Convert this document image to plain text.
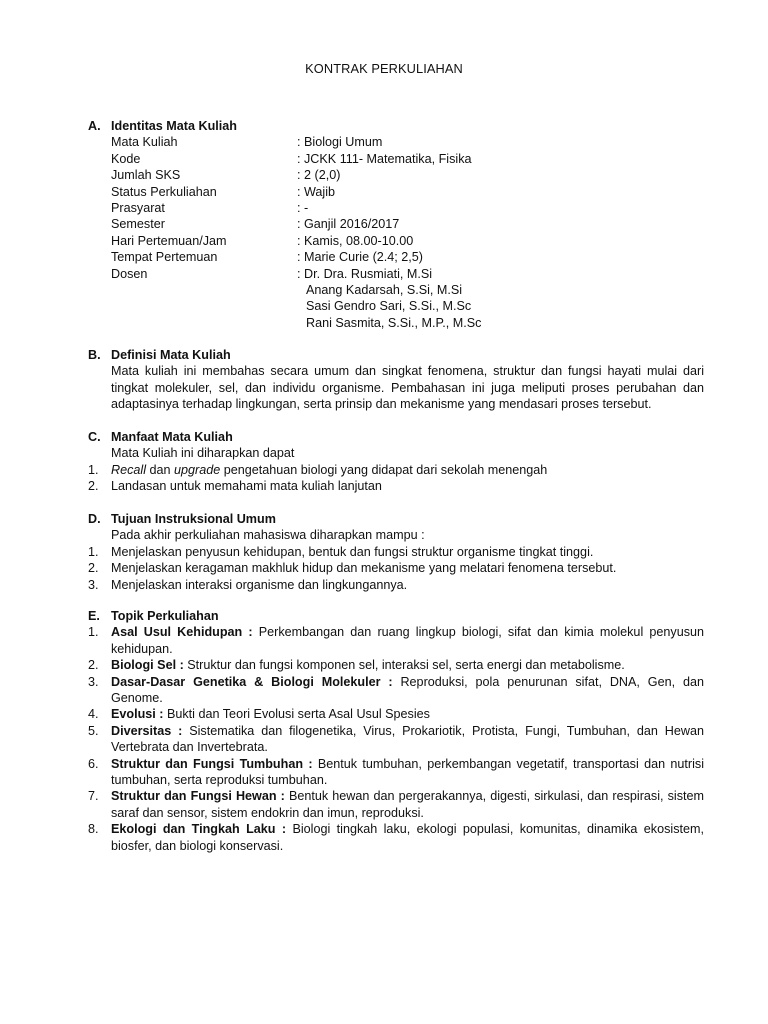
KONTRAK PERKULIAHAN
A. Identitas Mata Kuliah
Mata Kuliah	: Biologi Umum
Kode	: JCKK 111- Matematika, Fisika
Jumlah SKS	: 2 (2,0)
Status Perkuliahan	: Wajib
Prasyarat	: -
Semester	: Ganjil 2016/2017
Hari Pertemuan/Jam	: Kamis, 08.00-10.00
Tempat Pertemuan	: Marie Curie (2.4; 2,5)
Dosen	: Dr. Dra. Rusmiati, M.Si
Anang Kadarsah, S.Si, M.Si
Sasi Gendro Sari, S.Si., M.Sc
Rani Sasmita, S.Si., M.P., M.Sc
B. Definisi Mata Kuliah
Mata kuliah ini membahas secara umum dan singkat fenomena, struktur dan fungsi hayati mulai dari tingkat molekuler, sel, dan individu organisme. Pembahasan ini juga meliputi proses perubahan dan adaptasinya terhadap lingkungan, serta prinsip dan mekanisme yang mendasari proses tersebut.
C. Manfaat Mata Kuliah
Mata Kuliah ini diharapkan dapat
1. Recall dan upgrade pengetahuan biologi yang didapat dari sekolah menengah
2. Landasan untuk memahami mata kuliah lanjutan
D. Tujuan Instruksional Umum
Pada akhir perkuliahan mahasiswa diharapkan mampu :
1. Menjelaskan penyusun kehidupan, bentuk dan fungsi struktur organisme tingkat tinggi.
2. Menjelaskan keragaman makhluk hidup dan mekanisme yang melatari fenomena tersebut.
3. Menjelaskan interaksi organisme dan lingkungannya.
E. Topik Perkuliahan
1. Asal Usul Kehidupan : Perkembangan dan ruang lingkup biologi, sifat dan kimia molekul penyusun kehidupan.
2. Biologi Sel : Struktur dan fungsi komponen sel, interaksi sel, serta energi dan metabolisme.
3. Dasar-Dasar Genetika & Biologi Molekuler : Reproduksi, pola penurunan sifat, DNA, Gen, dan Genome.
4. Evolusi : Bukti dan Teori Evolusi serta Asal Usul Spesies
5. Diversitas : Sistematika dan filogenetika, Virus, Prokariotik, Protista, Fungi, Tumbuhan, dan Hewan Vertebrata dan Invertebrata.
6. Struktur dan Fungsi Tumbuhan : Bentuk tumbuhan, perkembangan vegetatif, transportasi dan nutrisi tumbuhan, serta reproduksi tumbuhan.
7. Struktur dan Fungsi Hewan : Bentuk hewan dan pergerakannya, digesti, sirkulasi, dan respirasi, sistem saraf dan sensor, sistem endokrin dan imun, reproduksi.
8. Ekologi dan Tingkah Laku : Biologi tingkah laku, ekologi populasi, komunitas, dinamika ekosistem, biosfer, dan biologi konservasi.
